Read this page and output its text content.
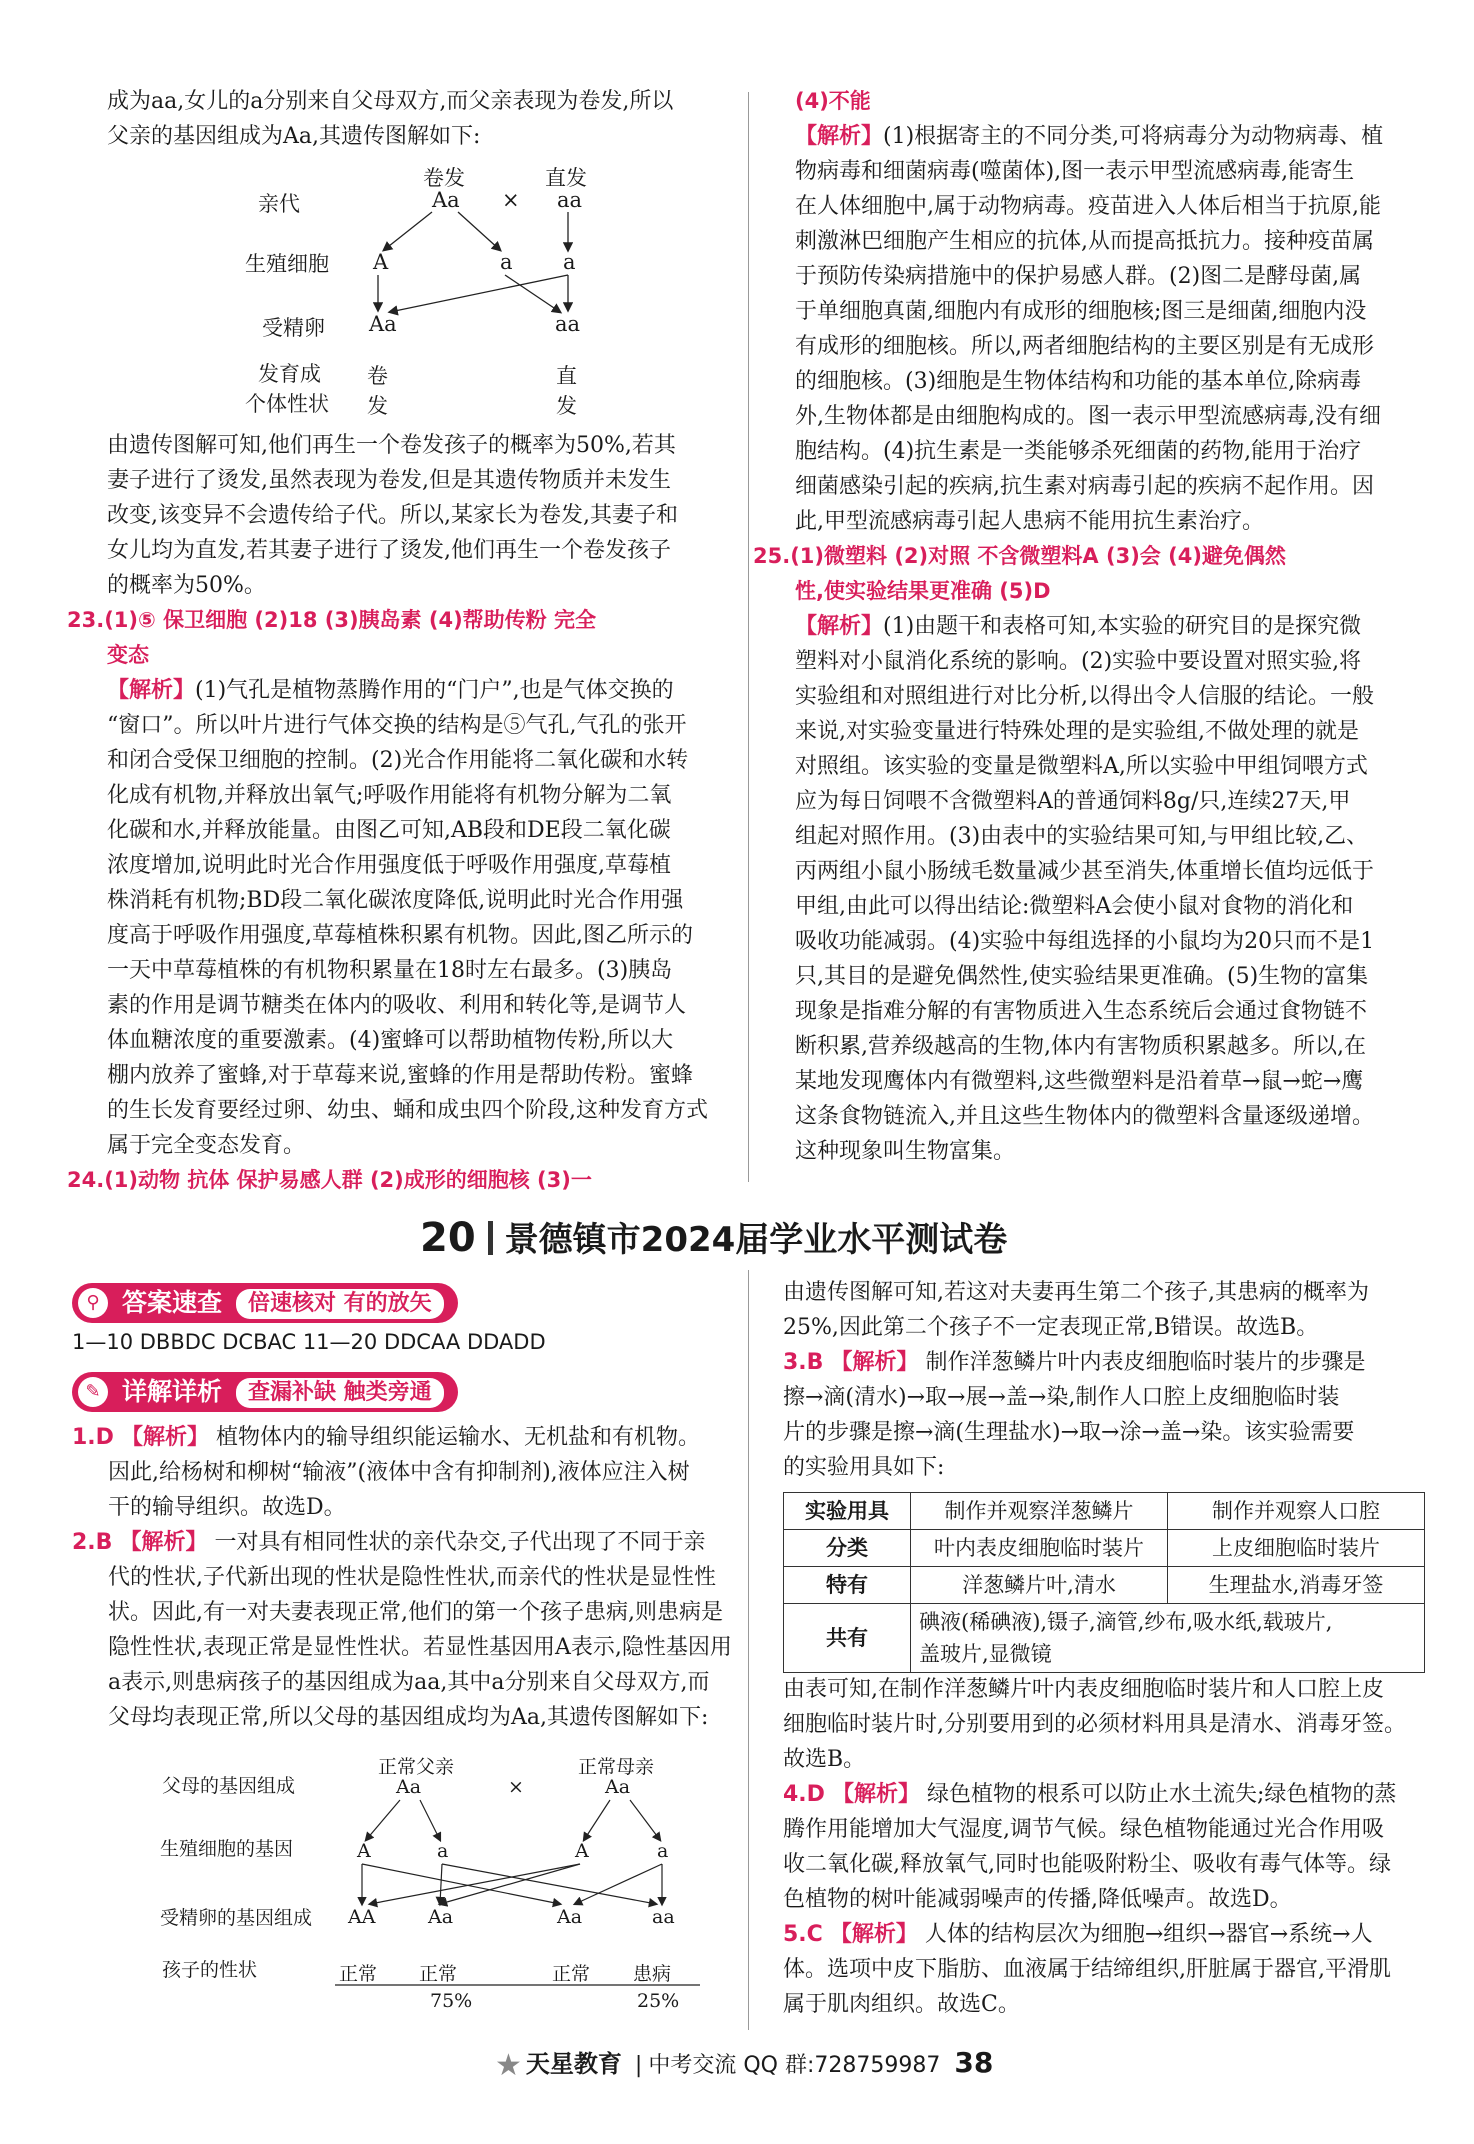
成为aa,女儿的a分别来自父母双方,而父亲表现为卷发,所以

父亲的基因组成为Aa,其遗传图解如下:

卷发	直发
亲代	Aa × aa
生殖细胞 A	a a
受精卵 Aa	aa
发育成
个体性状
卷
发
直
发

由遗传图解可知,他们再生一个卷发孩子的概率为50%,若其

妻子进行了烫发,虽然表现为卷发,但是其遗传物质并未发生

改变,该变异不会遗传给子代。所以,某家长为卷发,其妻子和

女儿均为直发,若其妻子进行了烫发,他们再生一个卷发孩子

的概率为50%。

23.(1)⑤ 保卫细胞 (2)18 (3)胰岛素 (4)帮助传粉 完全

变态

【解析】(1)气孔是植物蒸腾作用的“门户”,也是气体交换的

“窗口”。所以叶片进行气体交换的结构是⑤气孔,气孔的张开

和闭合受保卫细胞的控制。(2)光合作用能将二氧化碳和水转

化成有机物,并释放出氧气;呼吸作用能将有机物分解为二氧

化碳和水,并释放能量。由图乙可知,AB段和DE段二氧化碳

浓度增加,说明此时光合作用强度低于呼吸作用强度,草莓植

株消耗有机物;BD段二氧化碳浓度降低,说明此时光合作用强

度高于呼吸作用强度,草莓植株积累有机物。因此,图乙所示的

一天中草莓植株的有机物积累量在18时左右最多。(3)胰岛

素的作用是调节糖类在体内的吸收、利用和转化等,是调节人

体血糖浓度的重要激素。(4)蜜蜂可以帮助植物传粉,所以大

棚内放养了蜜蜂,对于草莓来说,蜜蜂的作用是帮助传粉。蜜蜂

的生长发育要经过卵、幼虫、蛹和成虫四个阶段,这种发育方式

属于完全变态发育。

24.(1)动物 抗体 保护易感人群 (2)成形的细胞核 (3)一

(4)不能

【解析】(1)根据寄主的不同分类,可将病毒分为动物病毒、植

物病毒和细菌病毒(噬菌体),图一表示甲型流感病毒,能寄生

在人体细胞中,属于动物病毒。疫苗进入人体后相当于抗原,能

刺激淋巴细胞产生相应的抗体,从而提高抵抗力。接种疫苗属

于预防传染病措施中的保护易感人群。(2)图二是酵母菌,属

于单细胞真菌,细胞内有成形的细胞核;图三是细菌,细胞内没

有成形的细胞核。所以,两者细胞结构的主要区别是有无成形

的细胞核。(3)细胞是生物体结构和功能的基本单位,除病毒

外,生物体都是由细胞构成的。图一表示甲型流感病毒,没有细

胞结构。(4)抗生素是一类能够杀死细菌的药物,能用于治疗

细菌感染引起的疾病,抗生素对病毒引起的疾病不起作用。因

此,甲型流感病毒引起人患病不能用抗生素治疗。

25.(1)微塑料 (2)对照 不含微塑料A (3)会 (4)避免偶然

性,使实验结果更准确 (5)D

【解析】(1)由题干和表格可知,本实验的研究目的是探究微

塑料对小鼠消化系统的影响。(2)实验中要设置对照实验,将

实验组和对照组进行对比分析,以得出令人信服的结论。一般

来说,对实验变量进行特殊处理的是实验组,不做处理的就是

对照组。该实验的变量是微塑料A,所以实验中甲组饲喂方式

应为每日饲喂不含微塑料A的普通饲料8g/只,连续27天,甲

组起对照作用。(3)由表中的实验结果可知,与甲组比较,乙、

丙两组小鼠小肠绒毛数量减少甚至消失,体重增长值均远低于

甲组,由此可以得出结论:微塑料A会使小鼠对食物的消化和

吸收功能减弱。(4)实验中每组选择的小鼠均为20只而不是1

只,其目的是避免偶然性,使实验结果更准确。(5)生物的富集

现象是指难分解的有害物质进入生态系统后会通过食物链不

断积累,营养级越高的生物,体内有害物质积累越多。所以,在

某地发现鹰体内有微塑料,这些微塑料是沿着草→鼠→蛇→鹰

这条食物链流入,并且这些生物体内的微塑料含量逐级递增。

这种现象叫生物富集。

20 景德镇市2024届学业水平测试卷
⚲ 答案速查 倍速核对 有的放矢
1—10 DBBDC DCBAC 11—20 DDCAA DDADD
✎ 详解详析 查漏补缺 触类旁通

1.D 【解析】 植物体内的输导组织能运输水、无机盐和有机物。

因此,给杨树和柳树“输液”(液体中含有抑制剂),液体应注入树

干的输导组织。故选D。

2.B 【解析】 一对具有相同性状的亲代杂交,子代出现了不同于亲

代的性状,子代新出现的性状是隐性性状,而亲代的性状是显性性

状。因此,有一对夫妻表现正常,他们的第一个孩子患病,则患病是

隐性性状,表现正常是显性性状。若显性基因用A表示,隐性基因用

a表示,则患病孩子的基因组成为aa,其中a分别来自父母双方,而

父母均表现正常,所以父母的基因组成均为Aa,其遗传图解如下:

正常父亲	正常母亲
父母的基因组成	Aa	×	Aa
生殖细胞的基因	A	a	A	a
受精卵的基因组成 AA	Aa	Aa	aa
孩子的性状	正常 正常	正常 患病
75%	25%

由遗传图解可知,若这对夫妻再生第二个孩子,其患病的概率为

25%,因此第二个孩子不一定表现正常,B错误。故选B。

3.B 【解析】 制作洋葱鳞片叶内表皮细胞临时装片的步骤是

擦→滴(清水)→取→展→盖→染,制作人口腔上皮细胞临时装

片的步骤是擦→滴(生理盐水)→取→涂→盖→染。该实验需要

的实验用具如下:

实验用具	制作并观察洋葱鳞片	制作并观察人口腔
分类	叶内表皮细胞临时装片	上皮细胞临时装片
特有	洋葱鳞片叶,清水	生理盐水,消毒牙签
共有	碘液(稀碘液),镊子,滴管,纱布,吸水纸,载玻片,
盖玻片,显微镜	

由表可知,在制作洋葱鳞片叶内表皮细胞临时装片和人口腔上皮

细胞临时装片时,分别要用到的必须材料用具是清水、消毒牙签。

故选B。

4.D 【解析】 绿色植物的根系可以防止水土流失;绿色植物的蒸

腾作用能增加大气湿度,调节气候。绿色植物能通过光合作用吸

收二氧化碳,释放氧气,同时也能吸附粉尘、吸收有毒气体等。绿

色植物的树叶能减弱噪声的传播,降低噪声。故选D。

5.C 【解析】 人体的结构层次为细胞→组织→器官→系统→人

体。选项中皮下脂肪、血液属于结缔组织,肝脏属于器官,平滑肌

属于肌肉组织。故选C。

★ 天星教育 | 中考交流 QQ 群:728759987 38
